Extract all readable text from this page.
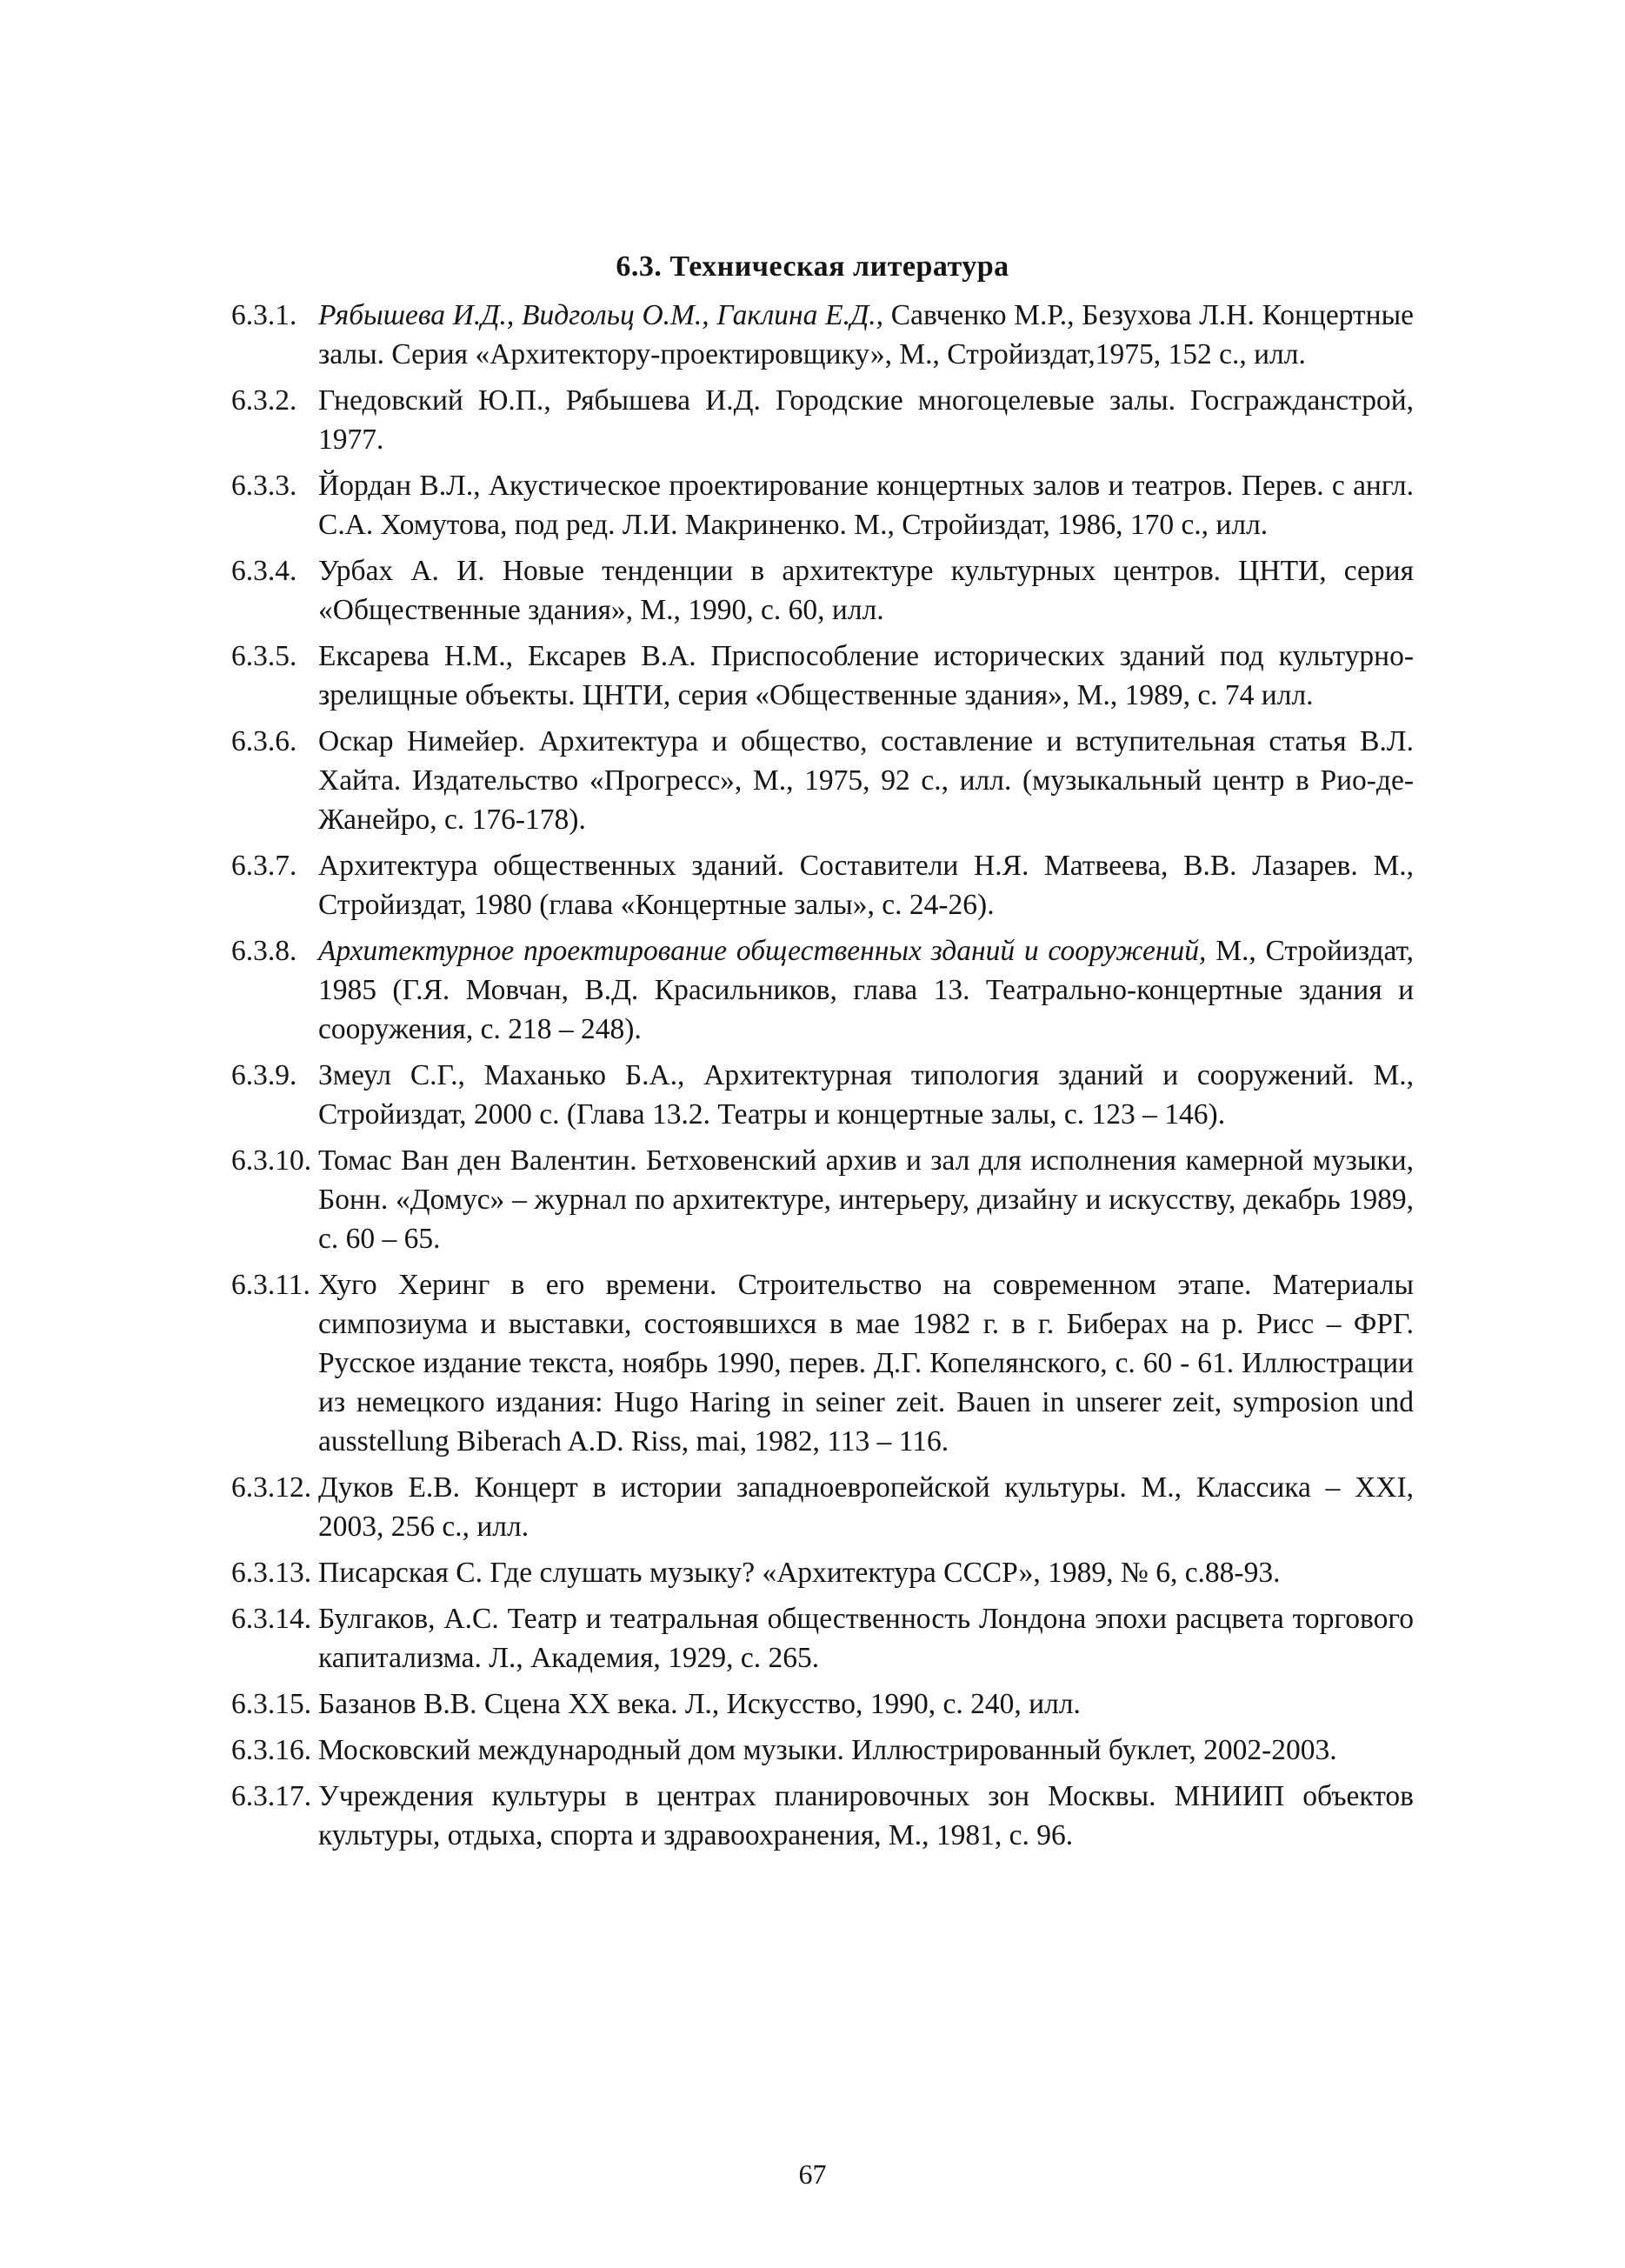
6.3. Техническая литература
6.3.1. Рябышева И.Д., Видгольц О.М., Гаклина Е.Д., Савченко М.Р., Безухова Л.Н. Концертные залы. Серия «Архитектору-проектировщику», М., Стройиздат,1975, 152 с., илл.
6.3.2. Гнедовский Ю.П., Рябышева И.Д. Городские многоцелевые залы. Госгражданстрой, 1977.
6.3.3. Йордан В.Л., Акустическое проектирование концертных залов и театров. Перев. с англ. С.А. Хомутова, под ред. Л.И. Макриненко. М., Стройиздат, 1986, 170 с., илл.
6.3.4. Урбах А. И. Новые тенденции в архитектуре культурных центров. ЦНТИ, серия «Общественные здания», М., 1990, с. 60, илл.
6.3.5. Ексарева Н.М., Ексарев В.А. Приспособление исторических зданий под культурно-зрелищные объекты. ЦНТИ, серия «Общественные здания», М., 1989, с. 74 илл.
6.3.6. Оскар Нимейер. Архитектура и общество, составление и вступительная статья В.Л. Хайта. Издательство «Прогресс», М., 1975, 92 с., илл. (музыкальный центр в Рио-де-Жанейро, с. 176-178).
6.3.7. Архитектура общественных зданий. Составители Н.Я. Матвеева, В.В. Лазарев. М., Стройиздат, 1980 (глава «Концертные залы», с. 24-26).
6.3.8. Архитектурное проектирование общественных зданий и сооружений, М., Стройиздат, 1985 (Г.Я. Мовчан, В.Д. Красильников, глава 13. Театрально-концертные здания и сооружения, с. 218 – 248).
6.3.9. Змеул С.Г., Маханько Б.А., Архитектурная типология зданий и сооружений. М., Стройиздат, 2000 с. (Глава 13.2. Театры и концертные залы, с. 123 – 146).
6.3.10. Томас Ван ден Валентин. Бетховенский архив и зал для исполнения камерной музыки, Бонн. «Домус» – журнал по архитектуре, интерьеру, дизайну и искусству, декабрь 1989, с. 60 – 65.
6.3.11. Хуго Херинг в его времени. Строительство на современном этапе. Материалы симпозиума и выставки, состоявшихся в мае 1982 г. в г. Биберах на р. Рисс – ФРГ. Русское издание текста, ноябрь 1990, перев. Д.Г. Копелянского, с. 60 - 61. Иллюстрации из немецкого издания: Hugo Haring in seiner zeit. Bauen in unserer zeit, symposion und ausstellung Biberach A.D. Riss, mai, 1982, 113 – 116.
6.3.12. Дуков Е.В. Концерт в истории западноевропейской культуры. М., Классика – XXI, 2003, 256 с., илл.
6.3.13. Писарская С. Где слушать музыку? «Архитектура СССР», 1989, № 6, с.88-93.
6.3.14. Булгаков, А.С. Театр и театральная общественность Лондона эпохи расцвета торгового капитализма. Л., Академия, 1929, с. 265.
6.3.15. Базанов В.В. Сцена XX века. Л., Искусство, 1990, с. 240, илл.
6.3.16. Московский международный дом музыки. Иллюстрированный буклет, 2002-2003.
6.3.17. Учреждения культуры в центрах планировочных зон Москвы. МНИИП объектов культуры, отдыха, спорта и здравоохранения, М., 1981, с. 96.
67
